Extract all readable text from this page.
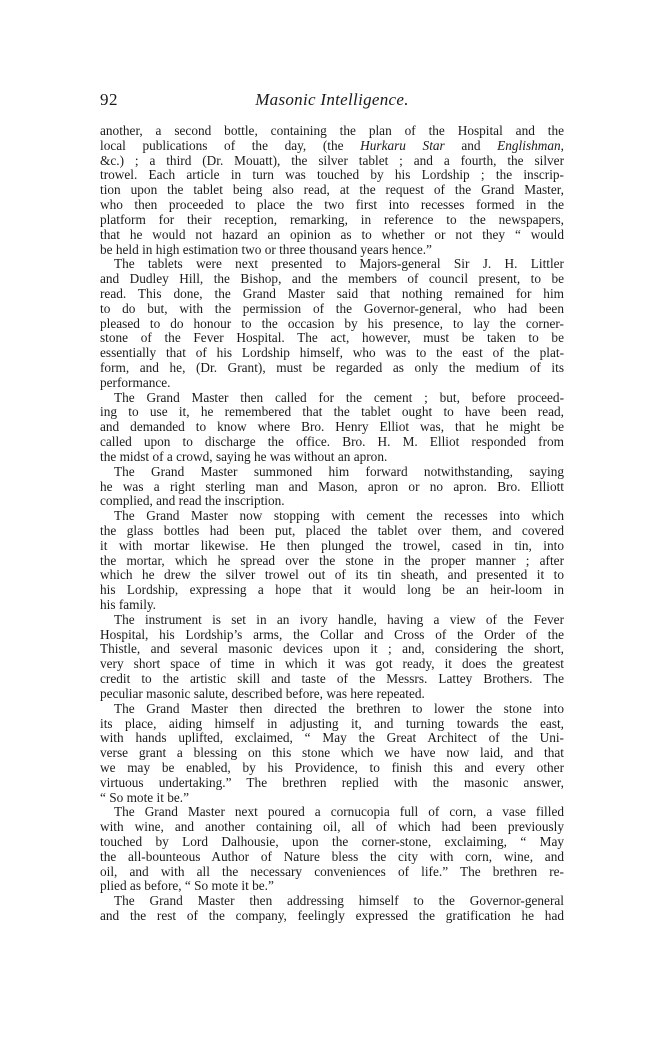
92	Masonic Intelligence.
another, a second bottle, containing the plan of the Hospital and the
local publications of the day, (the Hurkaru Star and Englishman,
&c.) ; a third (Dr. Mouatt), the silver tablet ; and a fourth, the silver
trowel. Each article in turn was touched by his Lordship ; the inscrip-
tion upon the tablet being also read, at the request of the Grand Master,
who then proceeded to place the two first into recesses formed in the
platform for their reception, remarking, in reference to the newspapers,
that he would not hazard an opinion as to whether or not they “ would
be held in high estimation two or three thousand years hence.”
The tablets were next presented to Majors-general Sir J. H. Littler
and Dudley Hill, the Bishop, and the members of council present, to be
read. This done, the Grand Master said that nothing remained for him
to do but, with the permission of the Governor-general, who had been
pleased to do honour to the occasion by his presence, to lay the corner-
stone of the Fever Hospital. The act, however, must be taken to be
essentially that of his Lordship himself, who was to the east of the plat-
form, and he, (Dr. Grant), must be regarded as only the medium of its
performance.
The Grand Master then called for the cement ; but, before proceed-
ing to use it, he remembered that the tablet ought to have been read,
and demanded to know where Bro. Henry Elliot was, that he might be
called upon to discharge the office. Bro. H. M. Elliot responded from
the midst of a crowd, saying he was without an apron.
The Grand Master summoned him forward notwithstanding, saying
he was a right sterling man and Mason, apron or no apron. Bro. Elliott
complied, and read the inscription.
The Grand Master now stopping with cement the recesses into which
the glass bottles had been put, placed the tablet over them, and covered
it with mortar likewise. He then plunged the trowel, cased in tin, into
the mortar, which he spread over the stone in the proper manner ; after
which he drew the silver trowel out of its tin sheath, and presented it to
his Lordship, expressing a hope that it would long be an heir-loom in
his family.
The instrument is set in an ivory handle, having a view of the Fever
Hospital, his Lordship’s arms, the Collar and Cross of the Order of the
Thistle, and several masonic devices upon it ; and, considering the short,
very short space of time in which it was got ready, it does the greatest
credit to the artistic skill and taste of the Messrs. Lattey Brothers. The
peculiar masonic salute, described before, was here repeated.
The Grand Master then directed the brethren to lower the stone into
its place, aiding himself in adjusting it, and turning towards the east,
with hands uplifted, exclaimed, “ May the Great Architect of the Uni-
verse grant a blessing on this stone which we have now laid, and that
we may be enabled, by his Providence, to finish this and every other
virtuous undertaking.” The brethren replied with the masonic answer,
“ So mote it be.”
The Grand Master next poured a cornucopia full of corn, a vase filled
with wine, and another containing oil, all of which had been previously
touched by Lord Dalhousie, upon the corner-stone, exclaiming, “ May
the all-bounteous Author of Nature bless the city with corn, wine, and
oil, and with all the necessary conveniences of life.” The brethren re-
plied as before, “ So mote it be.”
The Grand Master then addressing himself to the Governor-general
and the rest of the company, feelingly expressed the gratification he had
